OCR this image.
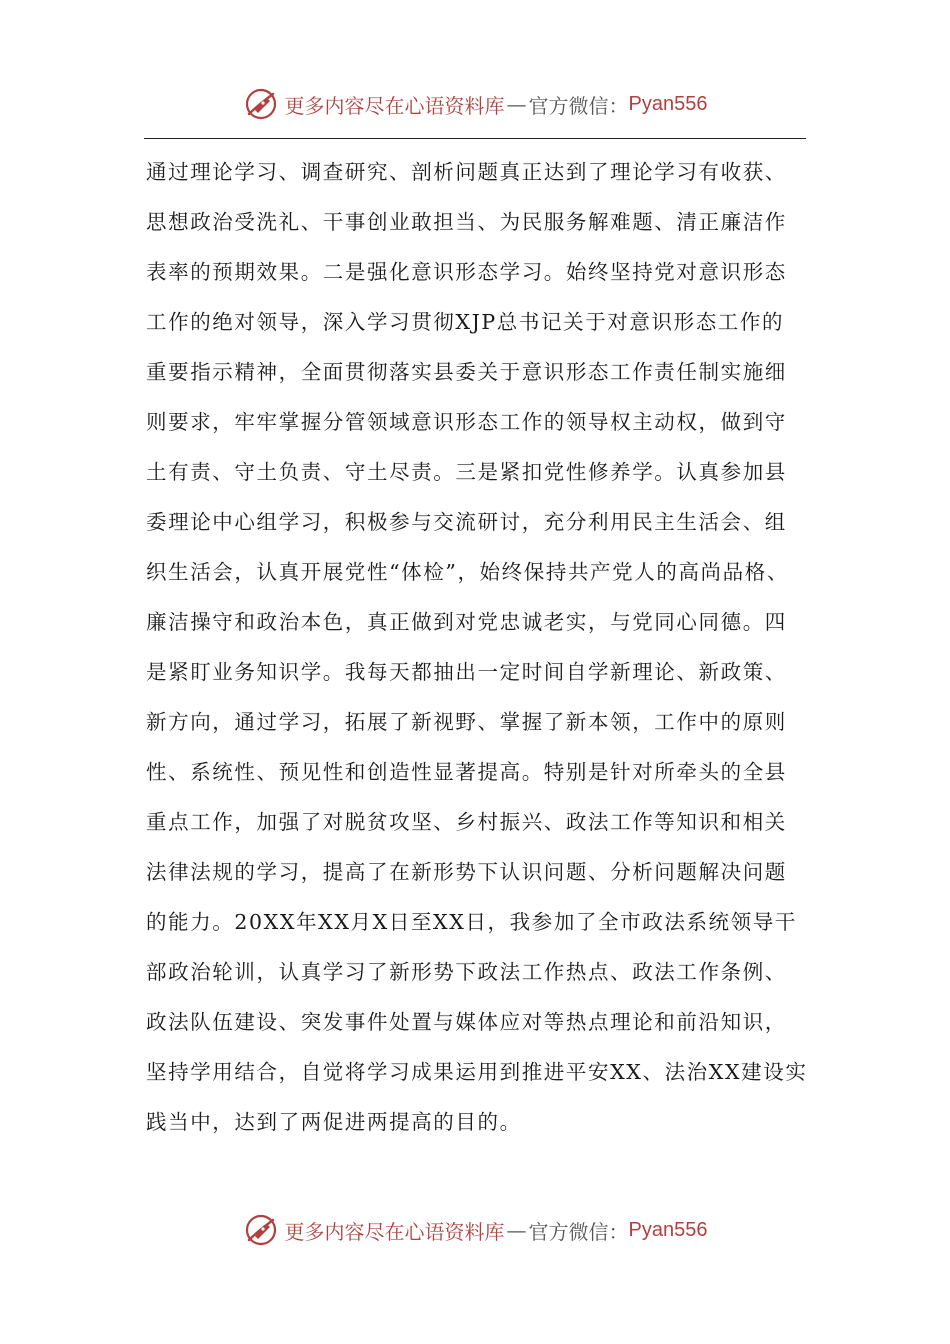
更多内容尽在心语资料库 — 官方微信： Pyan556
通过理论学习、调查研究、剖析问题真正达到了理论学习有收获、
思想政治受洗礼、干事创业敢担当、为民服务解难题、清正廉洁作
表率的预期效果。二是强化意识形态学习。始终坚持党对意识形态
工作的绝对领导，深入学习贯彻XJP总书记关于对意识形态工作的
重要指示精神，全面贯彻落实县委关于意识形态工作责任制实施细
则要求，牢牢掌握分管领域意识形态工作的领导权主动权，做到守
土有责、守土负责、守土尽责。三是紧扣党性修养学。认真参加县
委理论中心组学习，积极参与交流研讨，充分利用民主生活会、组
织生活会，认真开展党性“体检”，始终保持共产党人的高尚品格、
廉洁操守和政治本色，真正做到对党忠诚老实，与党同心同德。四
是紧盯业务知识学。我每天都抽出一定时间自学新理论、新政策、
新方向，通过学习，拓展了新视野、掌握了新本领，工作中的原则
性、系统性、预见性和创造性显著提高。特别是针对所牵头的全县
重点工作，加强了对脱贫攻坚、乡村振兴、政法工作等知识和相关
法律法规的学习，提高了在新形势下认识问题、分析问题解决问题
的能力。20XX年XX月X日至XX日，我参加了全市政法系统领导干
部政治轮训，认真学习了新形势下政法工作热点、政法工作条例、
政法队伍建设、突发事件处置与媒体应对等热点理论和前沿知识，
坚持学用结合，自觉将学习成果运用到推进平安XX、法治XX建设实
践当中，达到了两促进两提高的目的。
更多内容尽在心语资料库 — 官方微信： Pyan556
